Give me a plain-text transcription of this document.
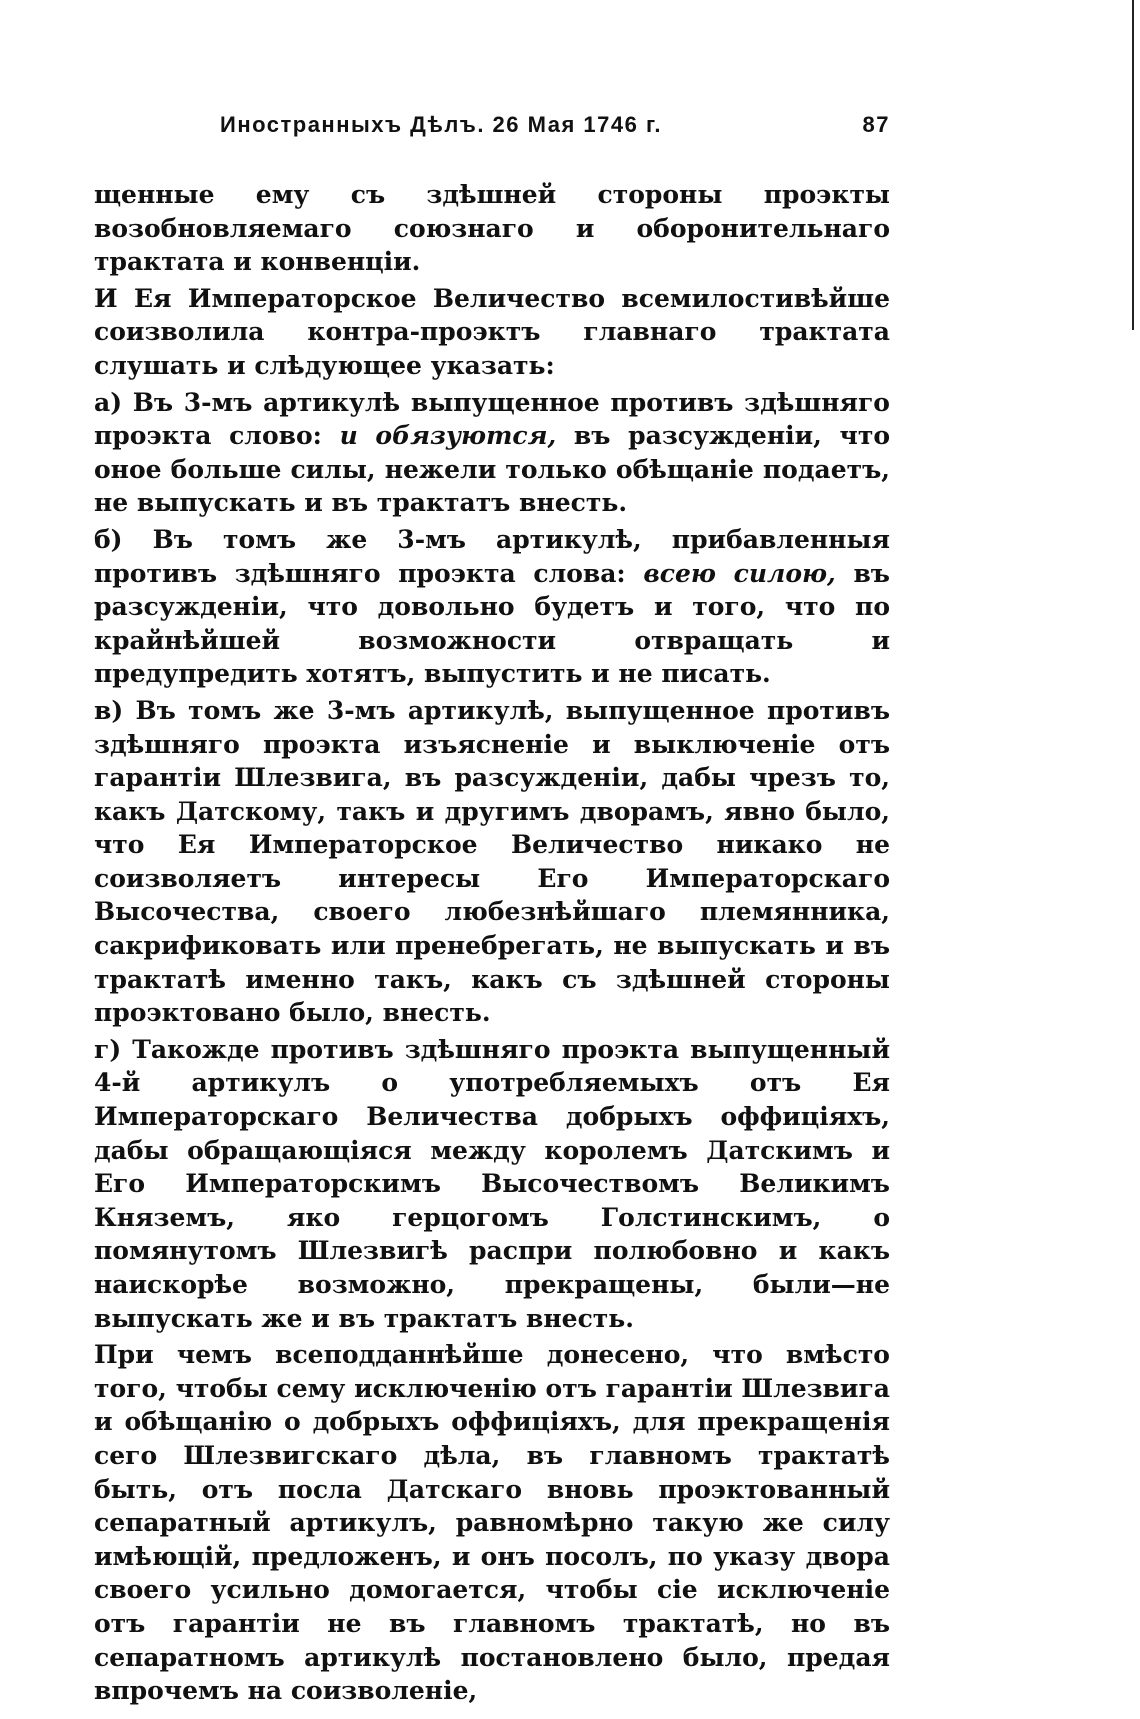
Иностранныхъ Дѣлъ. 26 Мая 1746 г.	87

щенные ему съ здѣшней стороны проэкты возобновляемаго союзнаго и оборонительнаго трактата и конвенціи.

И Ея Императорское Величество всемилостивѣйше соизволила контра-проэктъ главнаго трактата слушать и слѣдующее указать:

а) Въ 3-мъ артикулѣ выпущенное противъ здѣшняго проэкта слово: и обязуются, въ разсужденіи, что оное больше силы, нежели только обѣщаніе подаетъ, не выпускать и въ трактатъ внесть.

б) Въ томъ же 3-мъ артикулѣ, прибавленныя противъ здѣшняго проэкта слова: всею силою, въ разсужденіи, что довольно будетъ и того, что по крайнѣйшей возможности отвращать и предупредить хотятъ, выпустить и не писать.

в) Въ томъ же 3-мъ артикулѣ, выпущенное противъ здѣшняго проэкта изъясненіе и выключеніе отъ гарантіи Шлезвига, въ разсужденіи, дабы чрезъ то, какъ Датскому, такъ и другимъ дворамъ, явно было, что Ея Императорское Величество никако не соизволяетъ интересы Его Императорскаго Высочества, своего любезнѣйшаго племянника, сакрификовать или пренебрегать, не выпускать и въ трактатѣ именно такъ, какъ съ здѣшней стороны проэктовано было, внесть.

г) Такожде противъ здѣшняго проэкта выпущенный 4-й артикулъ о употребляемыхъ отъ Ея Императорскаго Величества добрыхъ оффиціяхъ, дабы обращающіяся между королемъ Датскимъ и Его Императорскимъ Высочествомъ Великимъ Княземъ, яко герцогомъ Голстинскимъ, о помянутомъ Шлезвигѣ распри полюбовно и какъ наискорѣе возможно, прекращены, были—не выпускать же и въ трактатъ внесть.

При чемъ всеподданнѣйше донесено, что вмѣсто того, чтобы сему исключенію отъ гарантіи Шлезвига и обѣщанію о добрыхъ оффиціяхъ, для прекращенія сего Шлезвигскаго дѣла, въ главномъ трактатѣ быть, отъ посла Датскаго вновь проэктованный сепаратный артикулъ, равномѣрно такую же силу имѣющій, предложенъ, и онъ посолъ, по указу двора своего усильно домогается, чтобы сіе исключеніе отъ гарантіи не въ главномъ трактатѣ, но въ сепаратномъ артикулѣ постановлено было, предая впрочемъ на соизволеніе,
